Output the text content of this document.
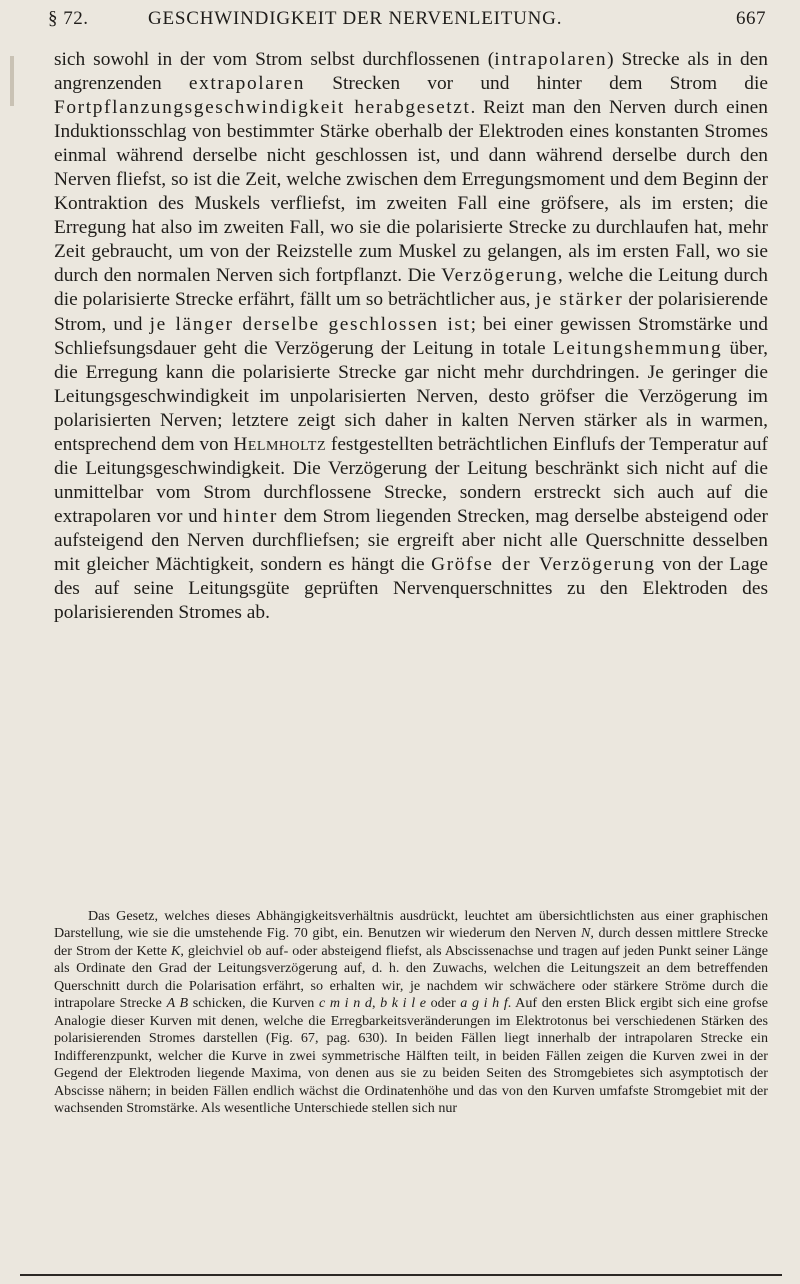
§ 72.	GESCHWINDIGKEIT DER NERVENLEITUNG.	667

sich sowohl in der vom Strom selbst durchflossenen (intrapolaren) Strecke als in den angrenzenden extrapolaren Strecken vor und hinter dem Strom die Fortpflanzungsgeschwindigkeit herabgesetzt. Reizt man den Nerven durch einen Induktionsschlag von bestimmter Stärke oberhalb der Elektroden eines konstanten Stromes einmal während derselbe nicht geschlossen ist, und dann während derselbe durch den Nerven fliefst, so ist die Zeit, welche zwischen dem Erregungsmoment und dem Beginn der Kontraktion des Muskels verfliefst, im zweiten Fall eine gröfsere, als im ersten; die Erregung hat also im zweiten Fall, wo sie die polarisierte Strecke zu durchlaufen hat, mehr Zeit gebraucht, um von der Reizstelle zum Muskel zu gelangen, als im ersten Fall, wo sie durch den normalen Nerven sich fortpflanzt. Die Verzögerung, welche die Leitung durch die polarisierte Strecke erfährt, fällt um so beträchtlicher aus, je stärker der polarisierende Strom, und je länger derselbe geschlossen ist; bei einer gewissen Stromstärke und Schliefsungsdauer geht die Verzögerung der Leitung in totale Leitungshemmung über, die Erregung kann die polarisierte Strecke gar nicht mehr durchdringen. Je geringer die Leitungsgeschwindigkeit im unpolarisierten Nerven, desto gröfser die Verzögerung im polarisierten Nerven; letztere zeigt sich daher in kalten Nerven stärker als in warmen, entsprechend dem von Helmholtz festgestellten beträchtlichen Einflufs der Temperatur auf die Leitungsgeschwindigkeit. Die Verzögerung der Leitung beschränkt sich nicht auf die unmittelbar vom Strom durchflossene Strecke, sondern erstreckt sich auch auf die extrapolaren vor und hinter dem Strom liegenden Strecken, mag derselbe absteigend oder aufsteigend den Nerven durchfliefsen; sie ergreift aber nicht alle Querschnitte desselben mit gleicher Mächtigkeit, sondern es hängt die Gröfse der Verzögerung von der Lage des auf seine Leitungsgüte geprüften Nervenquerschnittes zu den Elektroden des polarisierenden Stromes ab.

Das Gesetz, welches dieses Abhängigkeitsverhältnis ausdrückt, leuchtet am übersichtlichsten aus einer graphischen Darstellung, wie sie die umstehende Fig. 70 gibt, ein. Benutzen wir wiederum den Nerven N, durch dessen mittlere Strecke der Strom der Kette K, gleichviel ob auf- oder absteigend fliefst, als Abscissenachse und tragen auf jeden Punkt seiner Länge als Ordinate den Grad der Leitungsverzögerung auf, d. h. den Zuwachs, welchen die Leitungszeit an dem betreffenden Querschnitt durch die Polarisation erfährt, so erhalten wir, je nachdem wir schwächere oder stärkere Ströme durch die intrapolare Strecke A B schicken, die Kurven c m i n d, b k i l e oder a g i h f. Auf den ersten Blick ergibt sich eine grofse Analogie dieser Kurven mit denen, welche die Erregbarkeitsveränderungen im Elektrotonus bei verschiedenen Stärken des polarisierenden Stromes darstellen (Fig. 67, pag. 630). In beiden Fällen liegt innerhalb der intrapolaren Strecke ein Indifferenzpunkt, welcher die Kurve in zwei symmetrische Hälften teilt, in beiden Fällen zeigen die Kurven zwei in der Gegend der Elektroden liegende Maxima, von denen aus sie zu beiden Seiten des Stromgebietes sich asymptotisch der Abscisse nähern; in beiden Fällen endlich wächst die Ordinatenhöhe und das von den Kurven umfafste Stromgebiet mit der wachsenden Stromstärke. Als wesentliche Unterschiede stellen sich nur
